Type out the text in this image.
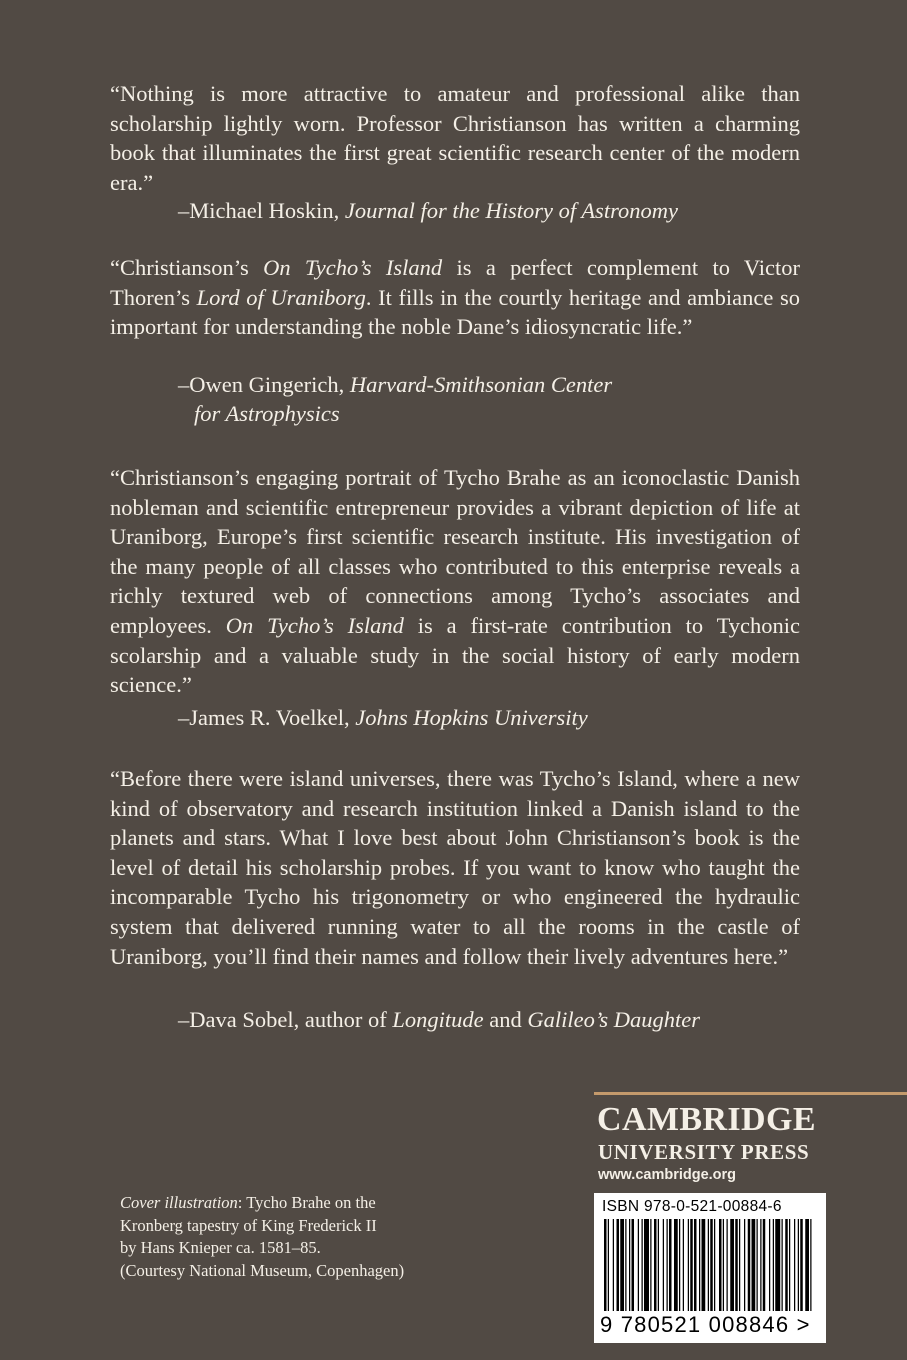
“Nothing is more attractive to amateur and professional alike than scholarship lightly worn. Professor Christianson has written a charming book that illuminates the first great scientific research center of the modern era.”

–Michael Hoskin, Journal for the History of Astronomy

“Christianson’s On Tycho’s Island is a perfect complement to Victor Thoren’s Lord of Uraniborg. It fills in the courtly heritage and ambiance so important for understanding the noble Dane’s idiosyncratic life.”

–Owen Gingerich, Harvard-Smithsonian Center

for Astrophysics

“Christianson’s engaging portrait of Tycho Brahe as an iconoclastic Danish nobleman and scientific entrepreneur provides a vibrant depiction of life at Uraniborg, Europe’s first scientific research institute. His investigation of the many people of all classes who contributed to this enterprise reveals a richly textured web of connections among Tycho’s associates and employees. On Tycho’s Island is a first-rate contribution to Tychonic scolarship and a valuable study in the social history of early modern science.”

–James R. Voelkel, Johns Hopkins University

“Before there were island universes, there was Tycho’s Island, where a new kind of observatory and research institution linked a Danish island to the planets and stars. What I love best about John Christianson’s book is the level of detail his scholarship probes. If you want to know who taught the incomparable Tycho his trigonometry or who engineered the hydraulic system that delivered running water to all the rooms in the castle of Uraniborg, you’ll find their names and follow their lively adventures here.”

–Dava Sobel, author of Longitude and Galileo’s Daughter

CAMBRIDGE

UNIVERSITY PRESS

www.cambridge.org

Cover illustration: Tycho Brahe on the
Kronberg tapestry of King Frederick II
by Hans Knieper ca. 1581–85.
(Courtesy National Museum, Copenhagen)

ISBN 978-0-521-00884-6

9 780521 008846 >
